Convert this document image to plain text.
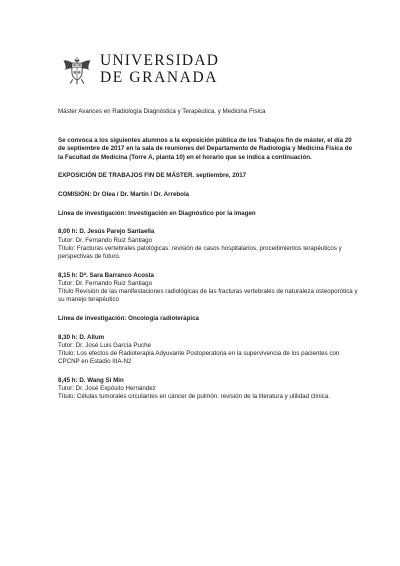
UNIVERSIDAD
DE GRANADA

Máster Avances en Radiología Diagnóstica y Terapéutica, y Medicina Física

Se convoca a los siguientes alumnos a la exposición pública de los Trabajos fin de máster, el día 20 de septiembre de 2017 en la sala de reuniones del Departamento de Radiología y Medicina Física de la Facultad de Medicina (Torre A, planta 10) en el horario que se indica a continuación.

EXPOSICIÓN DE TRABAJOS FIN DE MÁSTER. septiembre, 2017

COMISIÓN: Dr Olea / Dr. Martín / Dr. Arrebola

Línea de investigación: Investigación en Diagnóstico por la imagen

8,00 h: D. Jesús Parejo Santaella

Tutor: Dr. Fernando Ruiz Santiago

Título: Fracturas vertebrales patológicas: revisión de casos hospitalarios, procedimientos terapéuticos y perspectivas de futuro.

8,15 h: Dª. Sara Barranco Acosta

Tutor: Dr. Fernando Ruiz Santiago

Título Revisión de las manifestaciones radiológicas de las fracturas vertebrales de naturaleza osteoporótica y su manejo terapéutico

Línea de investigación: Oncología radioterápica

8,30 h: D. Allum

Tutor: Dr. José Luis García Puche

Título: Los efectos de Radioterapia Adyuvante Postoperatoria en la supervivencia de los pacientes con CPCNP en Estadio IIIA-N2

8,45 h: D. Wang Si Min

Tutor: Dr. José Expósito Hernández

Título: Células tumorales circulantes en cáncer de pulmón: revisión de la literatura y utilidad clínica.
